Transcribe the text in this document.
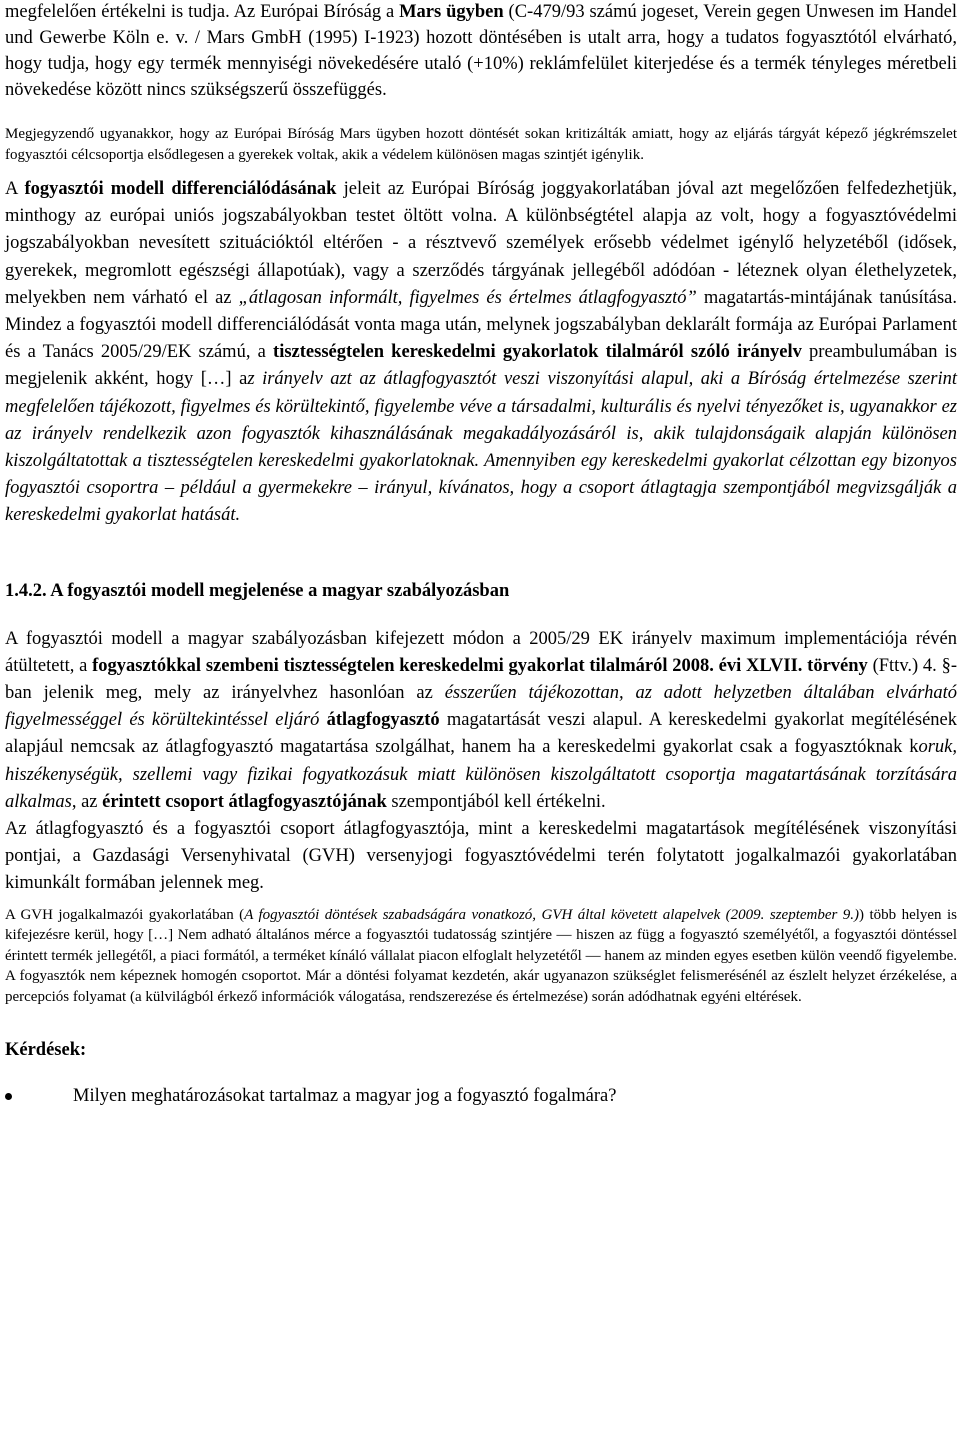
megfelelően értékelni is tudja. Az Európai Bíróság a Mars ügyben (C-479/93 számú jogeset, Verein gegen Unwesen im Handel und Gewerbe Köln e. v. / Mars GmbH (1995) I-1923) hozott döntésében is utalt arra, hogy a tudatos fogyasztótól elvárható, hogy tudja, hogy egy termék mennyiségi növekedésére utaló (+10%) reklámfelület kiterjedése és a termék tényleges méretbeli növekedése között nincs szükségszerű összefüggés.

Megjegyzendő ugyanakkor, hogy az Európai Bíróság Mars ügyben hozott döntését sokan kritizálták amiatt, hogy az eljárás tárgyát képező jégkrémszelet fogyasztói célcsoportja elsődlegesen a gyerekek voltak, akik a védelem különösen magas szintjét igénylik.

A fogyasztói modell differenciálódásának jeleit az Európai Bíróság joggyakorlatában jóval azt megelőzően felfedezhetjük, minthogy az európai uniós jogszabályokban testet öltött volna. A különbségtétel alapja az volt, hogy a fogyasztóvédelmi jogszabályokban nevesített szituációktól eltérően - a résztvevő személyek erősebb védelmet igénylő helyzetéből (idősek, gyerekek, megromlott egészségi állapotúak), vagy a szerződés tárgyának jellegéből adódóan - léteznek olyan élethelyzetek, melyekben nem várható el az „átlagosan informált, figyelmes és értelmes átlagfogyasztó” magatartás-mintájának tanúsítása. Mindez a fogyasztói modell differenciálódását vonta maga után, melynek jogszabályban deklarált formája az Európai Parlament és a Tanács 2005/29/EK számú, a tisztességtelen kereskedelmi gyakorlatok tilalmáról szóló irányelv preambulumában is megjelenik akként, hogy […] az irányelv azt az átlagfogyasztót veszi viszonyítási alapul, aki a Bíróság értelmezése szerint megfelelően tájékozott, figyelmes és körültekintő, figyelembe véve a társadalmi, kulturális és nyelvi tényezőket is, ugyanakkor ez az irányelv rendelkezik azon fogyasztók kihasználásának megakadályozásáról is, akik tulajdonságaik alapján különösen kiszolgáltatottak a tisztességtelen kereskedelmi gyakorlatoknak. Amennyiben egy kereskedelmi gyakorlat célzottan egy bizonyos fogyasztói csoportra – például a gyermekekre – irányul, kívánatos, hogy a csoport átlagtagja szempontjából megvizsgálják a kereskedelmi gyakorlat hatását.

1.4.2. A fogyasztói modell megjelenése a magyar szabályozásban

A fogyasztói modell a magyar szabályozásban kifejezett módon a 2005/29 EK irányelv maximum implementációja révén átültetett, a fogyasztókkal szembeni tisztességtelen kereskedelmi gyakorlat tilalmáról 2008. évi XLVII. törvény (Fttv.) 4. §-ban jelenik meg, mely az irányelvhez hasonlóan az ésszerűen tájékozottan, az adott helyzetben általában elvárható figyelmességgel és körültekintéssel eljáró átlagfogyasztó magatartását veszi alapul. A kereskedelmi gyakorlat megítélésének alapjául nemcsak az átlagfogyasztó magatartása szolgálhat, hanem ha a kereskedelmi gyakorlat csak a fogyasztóknak koruk, hiszékenységük, szellemi vagy fizikai fogyatkozásuk miatt különösen kiszolgáltatott csoportja magatartásának torzítására alkalmas, az érintett csoport átlagfogyasztójának szempontjából kell értékelni.

Az átlagfogyasztó és a fogyasztói csoport átlagfogyasztója, mint a kereskedelmi magatartások megítélésének viszonyítási pontjai, a Gazdasági Versenyhivatal (GVH) versenyjogi fogyasztóvédelmi terén folytatott jogalkalmazói gyakorlatában kimunkált formában jelennek meg.

A GVH jogalkalmazói gyakorlatában (A fogyasztói döntések szabadságára vonatkozó, GVH által követett alapelvek (2009. szeptember 9.)) több helyen is kifejezésre kerül, hogy […] Nem adható általános mérce a fogyasztói tudatosság szintjére — hiszen az függ a fogyasztó személyétől, a fogyasztói döntéssel érintett termék jellegétől, a piaci formától, a terméket kínáló vállalat piacon elfoglalt helyzetétől — hanem az minden egyes esetben külön veendő figyelembe. A fogyasztók nem képeznek homogén csoportot. Már a döntési folyamat kezdetén, akár ugyanazon szükséglet felismerésénél az észlelt helyzet érzékelése, a percepciós folyamat (a külvilágból érkező információk válogatása, rendszerezése és értelmezése) során adódhatnak egyéni eltérések.

Kérdések:

Milyen meghatározásokat tartalmaz a magyar jog a fogyasztó fogalmára?
